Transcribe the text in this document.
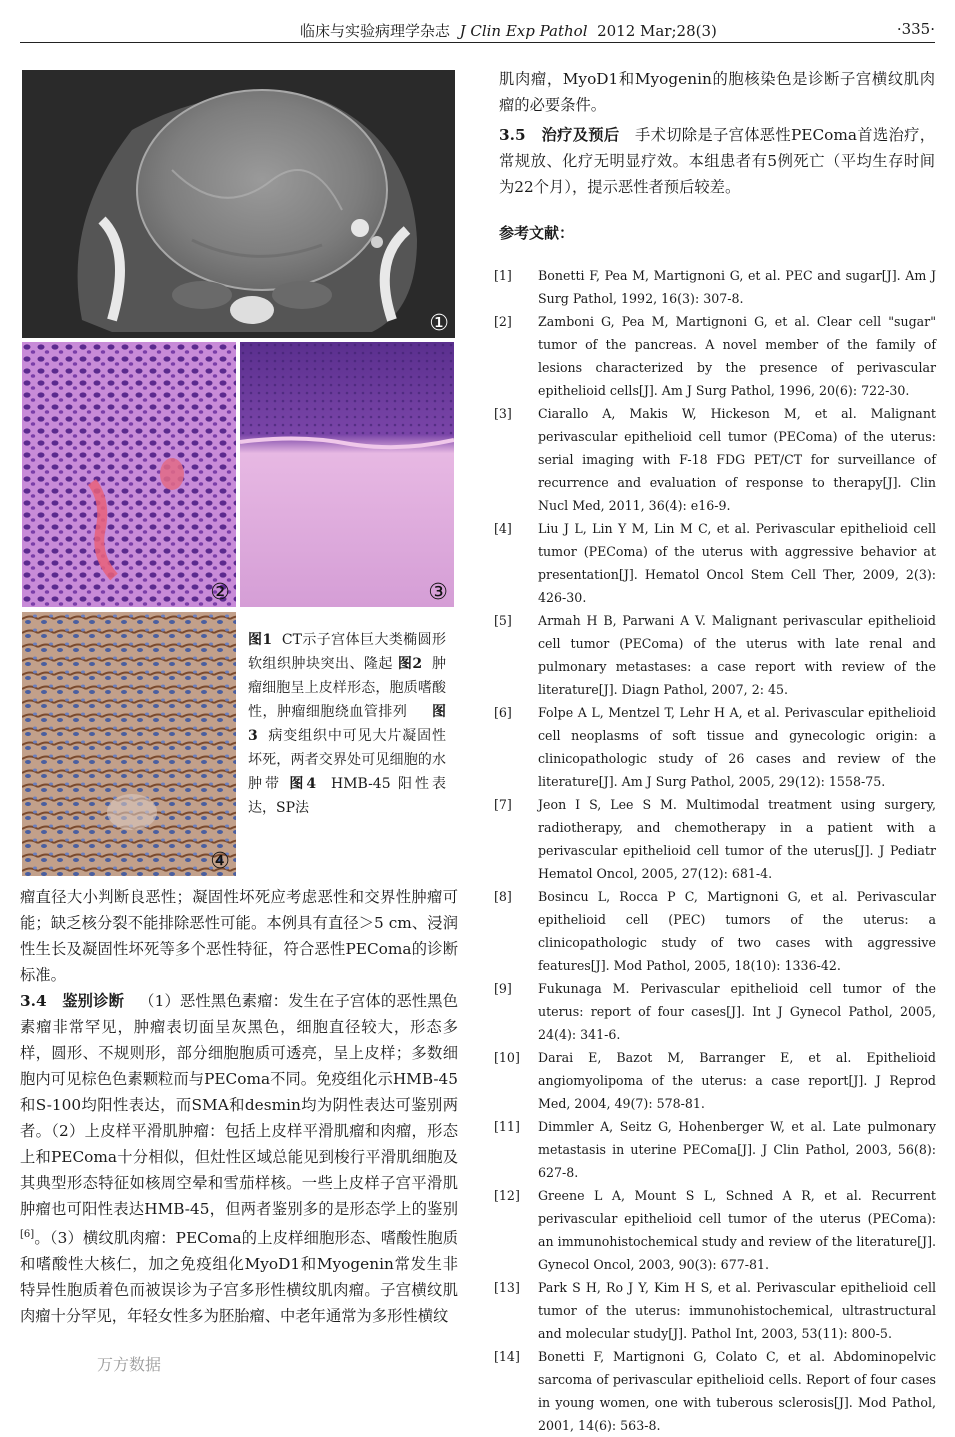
临床与实验病理学杂志 J Clin Exp Pathol 2012 Mar;28(3)	·335·
①
②	③
④
图1 CT示子宫体巨大类椭圆形软组织肿块突出、隆起 图2 肿瘤细胞呈上皮样形态，胞质嗜酸性，肿瘤细胞绕血管排列 图3 病变组织中可见大片凝固性坏死，两者交界处可见细胞的水肿带 图4 HMB-45 阳性表达，SP法

瘤直径大小判断良恶性；凝固性坏死应考虑恶性和交界性肿瘤可能；缺乏核分裂不能排除恶性可能。本例具有直径＞5 cm、浸润性生长及凝固性坏死等多个恶性特征，符合恶性PEComa的诊断标准。

3.4　鉴别诊断 （1）恶性黑色素瘤：发生在子宫体的恶性黑色素瘤非常罕见，肿瘤表切面呈灰黑色，细胞直径较大，形态多样，圆形、不规则形，部分细胞胞质可透亮，呈上皮样；多数细胞内可见棕色色素颗粒而与PEComa不同。免疫组化示HMB-45和S-100均阳性表达，而SMA和desmin均为阴性表达可鉴别两者。（2）上皮样平滑肌肿瘤：包括上皮样平滑肌瘤和肉瘤，形态上和PEComa十分相似，但灶性区域总能见到梭行平滑肌细胞及其典型形态特征如核周空晕和雪茄样核。一些上皮样子宫平滑肌肿瘤也可阳性表达HMB-45，但两者鉴别多的是形态学上的鉴别[6]。（3）横纹肌肉瘤：PEComa的上皮样细胞形态、嗜酸性胞质和嗜酸性大核仁，加之免疫组化MyoD1和Myogenin常发生非特异性胞质着色而被误诊为子宫多形性横纹肌肉瘤。子宫横纹肌肉瘤十分罕见，年轻女性多为胚胎瘤、中老年通常为多形性横纹

肌肉瘤，MyoD1和Myogenin的胞核染色是诊断子宫横纹肌肉瘤的必要条件。

3.5　治疗及预后 手术切除是子宫体恶性PEComa首选治疗，常规放、化疗无明显疗效。本组患者有5例死亡（平均生存时间为22个月），提示恶性者预后较差。

参考文献：
[1]	Bonetti F, Pea M, Martignoni G, et al. PEC and sugar[J]. Am J Surg Pathol, 1992, 16(3): 307-8.
[2]	Zamboni G, Pea M, Martignoni G, et al. Clear cell "sugar" tumor of the pancreas. A novel member of the family of lesions characterized by the presence of perivascular epithelioid cells[J]. Am J Surg Pathol, 1996, 20(6): 722-30.
[3]	Ciarallo A, Makis W, Hickeson M, et al. Malignant perivascular epithelioid cell tumor (PEComa) of the uterus: serial imaging with F-18 FDG PET/CT for surveillance of recurrence and evaluation of response to therapy[J]. Clin Nucl Med, 2011, 36(4): e16-9.
[4]	Liu J L, Lin Y M, Lin M C, et al. Perivascular epithelioid cell tumor (PEComa) of the uterus with aggressive behavior at presentation[J]. Hematol Oncol Stem Cell Ther, 2009, 2(3): 426-30.
[5]	Armah H B, Parwani A V. Malignant perivascular epithelioid cell tumor (PEComa) of the uterus with late renal and pulmonary metastases: a case report with review of the literature[J]. Diagn Pathol, 2007, 2: 45.
[6]	Folpe A L, Mentzel T, Lehr H A, et al. Perivascular epithelioid cell neoplasms of soft tissue and gynecologic origin: a clinicopathologic study of 26 cases and review of the literature[J]. Am J Surg Pathol, 2005, 29(12): 1558-75.
[7]	Jeon I S, Lee S M. Multimodal treatment using surgery, radiotherapy, and chemotherapy in a patient with a perivascular epithelioid cell tumor of the uterus[J]. J Pediatr Hematol Oncol, 2005, 27(12): 681-4.
[8]	Bosincu L, Rocca P C, Martignoni G, et al. Perivascular epithelioid cell (PEC) tumors of the uterus: a clinicopathologic study of two cases with aggressive features[J]. Mod Pathol, 2005, 18(10): 1336-42.
[9]	Fukunaga M. Perivascular epithelioid cell tumor of the uterus: report of four cases[J]. Int J Gynecol Pathol, 2005, 24(4): 341-6.
[10]	Darai E, Bazot M, Barranger E, et al. Epithelioid angiomyolipoma of the uterus: a case report[J]. J Reprod Med, 2004, 49(7): 578-81.
[11]	Dimmler A, Seitz G, Hohenberger W, et al. Late pulmonary metastasis in uterine PEComa[J]. J Clin Pathol, 2003, 56(8): 627-8.
[12]	Greene L A, Mount S L, Schned A R, et al. Recurrent perivascular epithelioid cell tumor of the uterus (PEComa): an immunohistochemical study and review of the literature[J]. Gynecol Oncol, 2003, 90(3): 677-81.
[13]	Park S H, Ro J Y, Kim H S, et al. Perivascular epithelioid cell tumor of the uterus: immunohistochemical, ultrastructural and molecular study[J]. Pathol Int, 2003, 53(11): 800-5.
[14]	Bonetti F, Martignoni G, Colato C, et al. Abdominopelvic sarcoma of perivascular epithelioid cells. Report of four cases in young women, one with tuberous sclerosis[J]. Mod Pathol, 2001, 14(6): 563-8.
万方数据
